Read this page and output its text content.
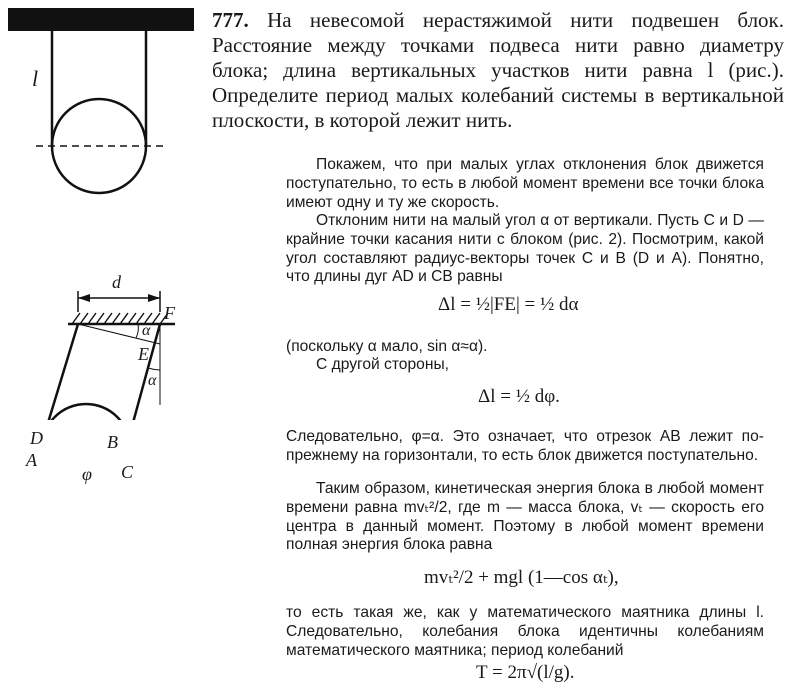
l
d
F
α
E
α
D	B
A
φ C
777. На невесомой нерастяжимой нити подвешен блок. Расстояние между точками подвеса нити равно диаметру блока; длина вертикальных участков нити равна l (рис.). Определите период малых колебаний системы в вертикальной плоскости, в которой лежит нить.
Покажем, что при малых углах отклонения блок движется поступательно, то есть в любой момент времени все точки блока имеют одну и ту же скорость.
Отклоним нити на малый угол α от вертикали. Пусть C и D — крайние точки касания нити с блоком (рис. 2). Посмотрим, какой угол составляют радиус-векторы точек C и B (D и A). Понятно, что длины дуг AD и CB равны
Δl = ½|FE| = ½ dα
(поскольку α мало, sin α≈α).
С другой стороны,
Δl = ½ dφ.
Следовательно, φ=α. Это означает, что отрезок AB лежит по-прежнему на горизонтали, то есть блок движется поступательно.
Таким образом, кинетическая энергия блока в любой момент времени равна mvₜ²/2, где m — масса блока, vₜ — скорость его центра в данный момент. Поэтому в любой момент времени полная энергия блока равна
mvₜ²/2 + mgl (1—cos αₜ),
то есть такая же, как у математического маятника длины l. Следовательно, колебания блока идентичны колебаниям математического маятника; период колебаний
T = 2π√(l/g).
